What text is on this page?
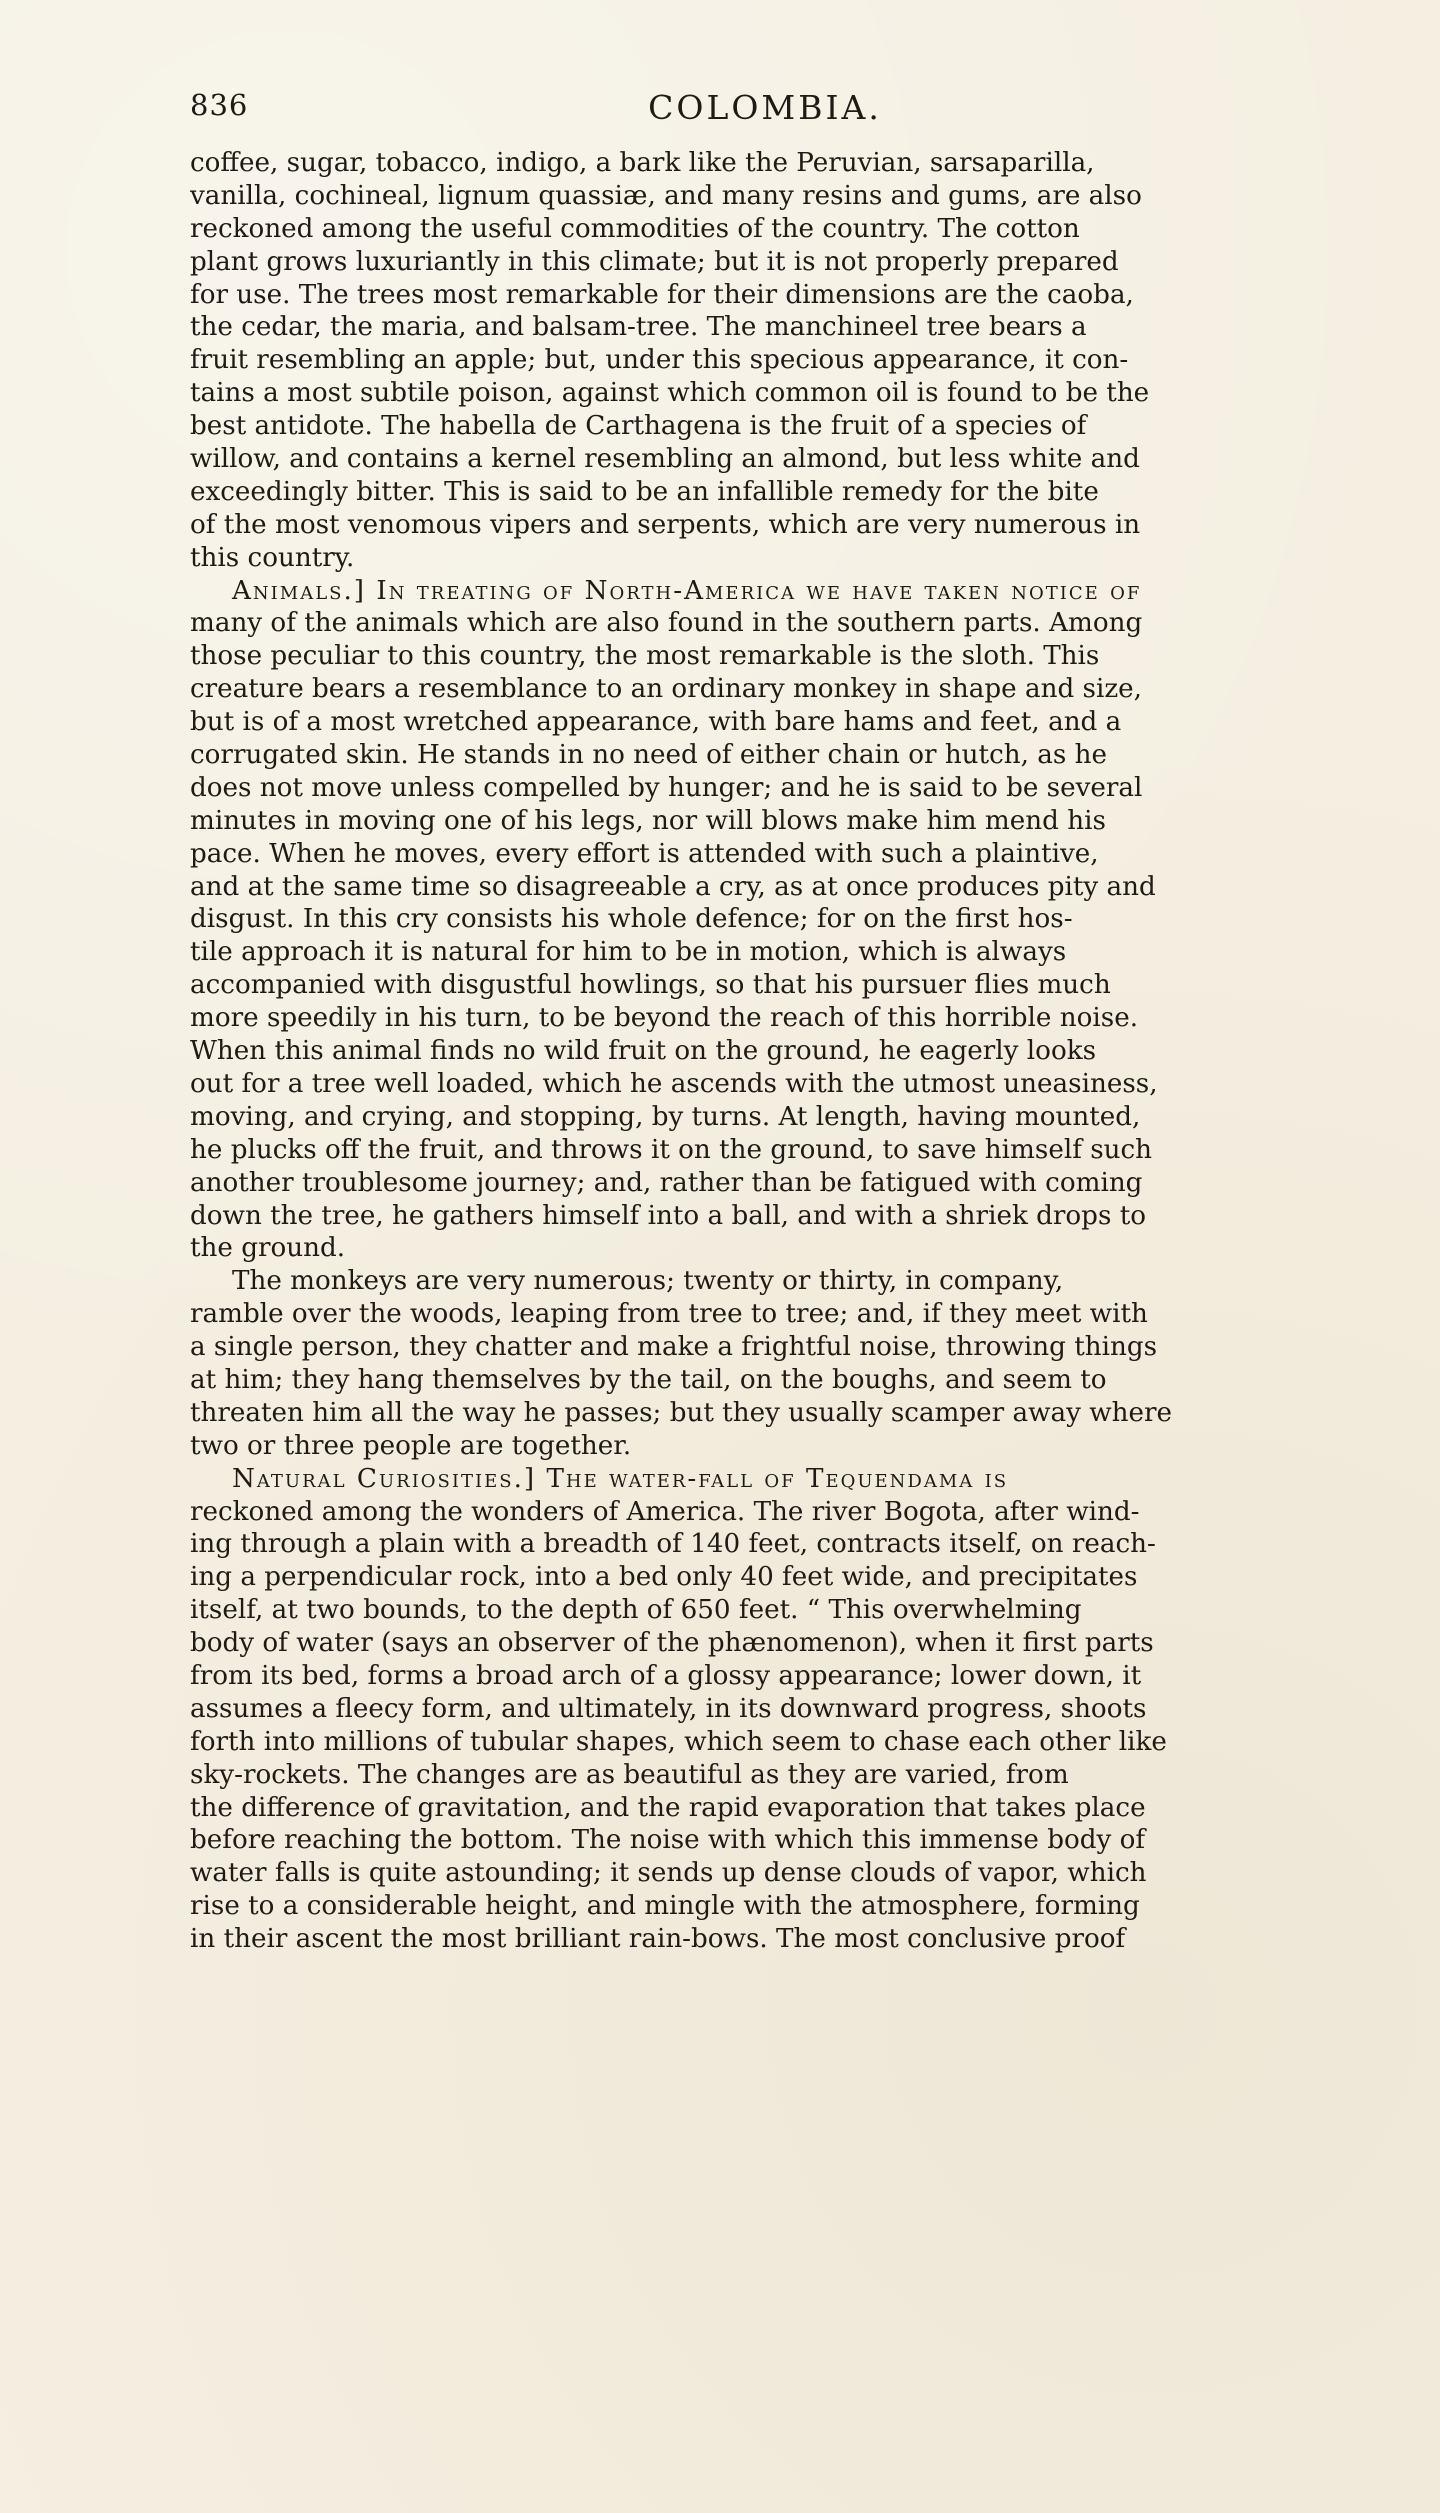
836	COLOMBIA.
coffee, sugar, tobacco, indigo, a bark like the Peruvian, sarsaparilla,
vanilla, cochineal, lignum quassiæ, and many resins and gums, are also
reckoned among the useful commodities of the country. The cotton
plant grows luxuriantly in this climate; but it is not properly prepared
for use. The trees most remarkable for their dimensions are the caoba,
the cedar, the maria, and balsam-tree. The manchineel tree bears a
fruit resembling an apple; but, under this specious appearance, it con-
tains a most subtile poison, against which common oil is found to be the
best antidote. The habella de Carthagena is the fruit of a species of
willow, and contains a kernel resembling an almond, but less white and
exceedingly bitter. This is said to be an infallible remedy for the bite
of the most venomous vipers and serpents, which are very numerous in
this country.
Animals.] In treating of North-America we have taken notice of
many of the animals which are also found in the southern parts. Among
those peculiar to this country, the most remarkable is the sloth. This
creature bears a resemblance to an ordinary monkey in shape and size,
but is of a most wretched appearance, with bare hams and feet, and a
corrugated skin. He stands in no need of either chain or hutch, as he
does not move unless compelled by hunger; and he is said to be several
minutes in moving one of his legs, nor will blows make him mend his
pace. When he moves, every effort is attended with such a plaintive,
and at the same time so disagreeable a cry, as at once produces pity and
disgust. In this cry consists his whole defence; for on the first hos-
tile approach it is natural for him to be in motion, which is always
accompanied with disgustful howlings, so that his pursuer flies much
more speedily in his turn, to be beyond the reach of this horrible noise.
When this animal finds no wild fruit on the ground, he eagerly looks
out for a tree well loaded, which he ascends with the utmost uneasiness,
moving, and crying, and stopping, by turns. At length, having mounted,
he plucks off the fruit, and throws it on the ground, to save himself such
another troublesome journey; and, rather than be fatigued with coming
down the tree, he gathers himself into a ball, and with a shriek drops to
the ground.
The monkeys are very numerous; twenty or thirty, in company,
ramble over the woods, leaping from tree to tree; and, if they meet with
a single person, they chatter and make a frightful noise, throwing things
at him; they hang themselves by the tail, on the boughs, and seem to
threaten him all the way he passes; but they usually scamper away where
two or three people are together.
Natural Curiosities.] The water-fall of Tequendama is
reckoned among the wonders of America. The river Bogota, after wind-
ing through a plain with a breadth of 140 feet, contracts itself, on reach-
ing a perpendicular rock, into a bed only 40 feet wide, and precipitates
itself, at two bounds, to the depth of 650 feet. “ This overwhelming
body of water (says an observer of the phænomenon), when it first parts
from its bed, forms a broad arch of a glossy appearance; lower down, it
assumes a fleecy form, and ultimately, in its downward progress, shoots
forth into millions of tubular shapes, which seem to chase each other like
sky-rockets. The changes are as beautiful as they are varied, from
the difference of gravitation, and the rapid evaporation that takes place
before reaching the bottom. The noise with which this immense body of
water falls is quite astounding; it sends up dense clouds of vapor, which
rise to a considerable height, and mingle with the atmosphere, forming
in their ascent the most brilliant rain-bows. The most conclusive proof
